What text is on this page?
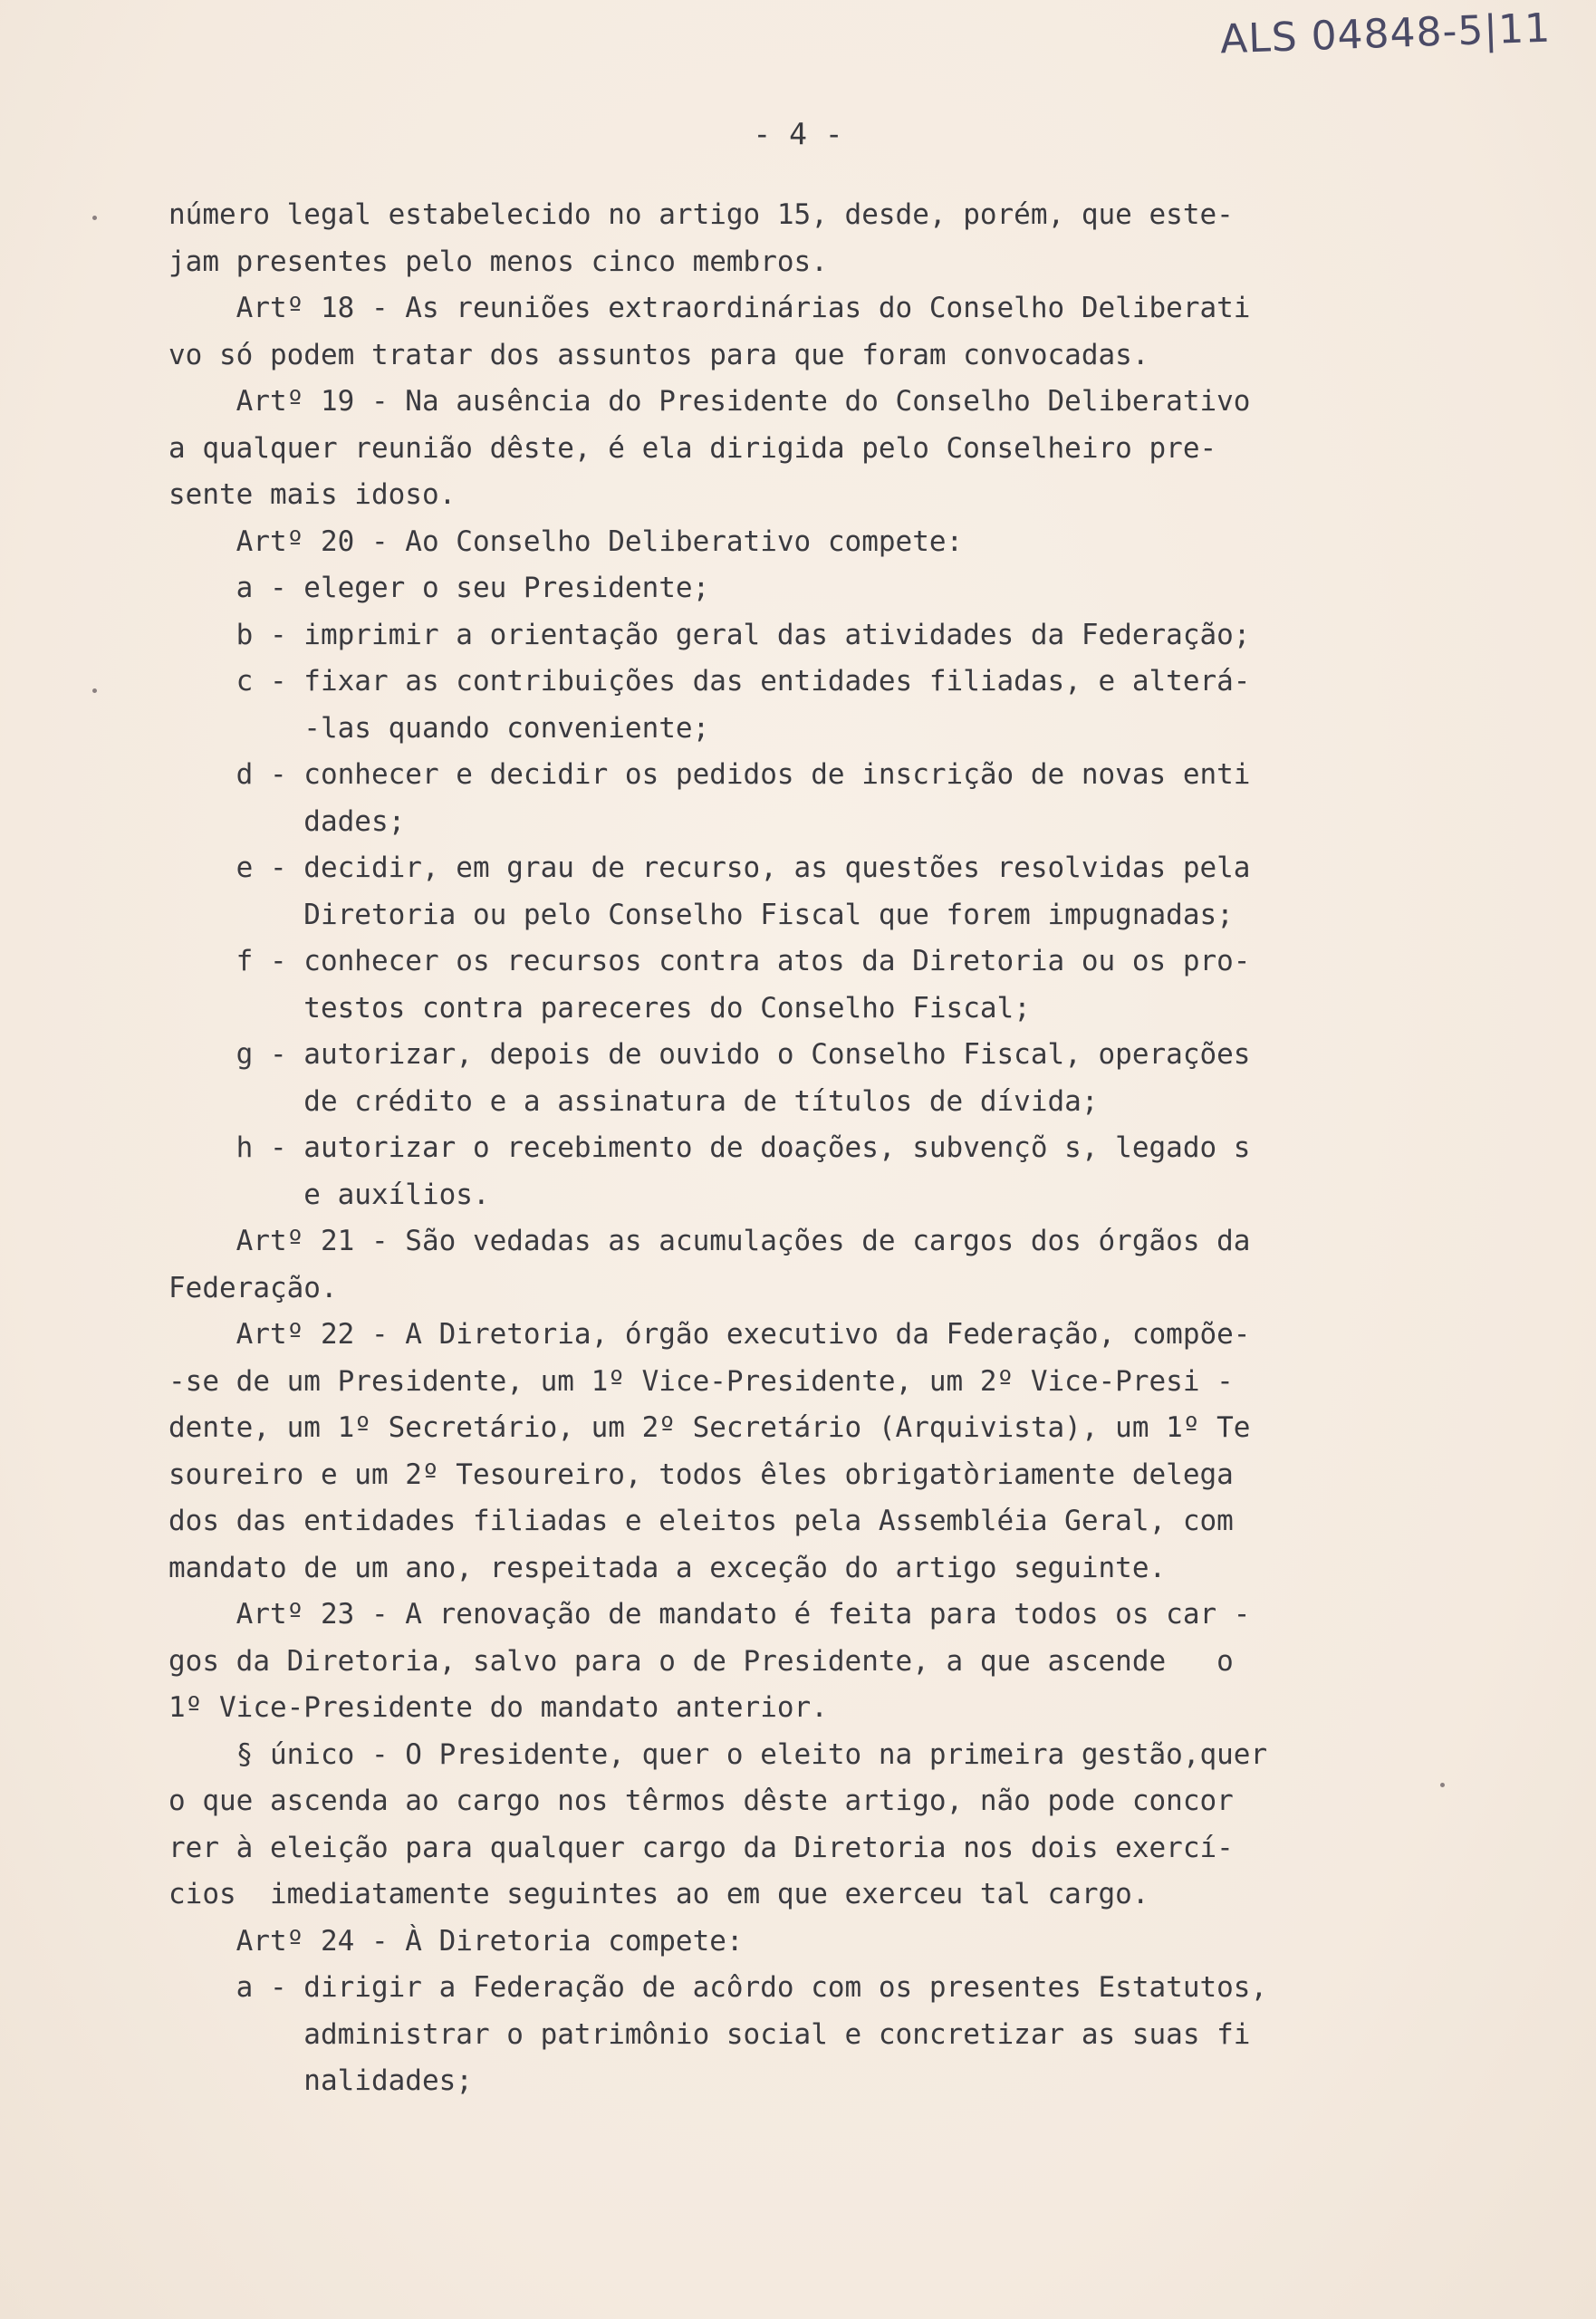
ALS 04848-5|11
- 4 -
número legal estabelecido no artigo 15, desde, porém, que este-
jam presentes pelo menos cinco membros.
Artº 18 - As reuniões extraordinárias do Conselho Deliberati
vo só podem tratar dos assuntos para que foram convocadas.
Artº 19 - Na ausência do Presidente do Conselho Deliberativo
a qualquer reunião dêste, é ela dirigida pelo Conselheiro pre-
sente mais idoso.
Artº 20 - Ao Conselho Deliberativo compete:
a - eleger o seu Presidente;
b - imprimir a orientação geral das atividades da Federação;
c - fixar as contribuições das entidades filiadas, e alterá-
-las quando conveniente;
d - conhecer e decidir os pedidos de inscrição de novas enti
dades;
e - decidir, em grau de recurso, as questões resolvidas pela
Diretoria ou pelo Conselho Fiscal que forem impugnadas;
f - conhecer os recursos contra atos da Diretoria ou os pro-
testos contra pareceres do Conselho Fiscal;
g - autorizar, depois de ouvido o Conselho Fiscal, operações
de crédito e a assinatura de títulos de dívida;
h - autorizar o recebimento de doações, subvençõ s, legado s
e auxílios.
Artº 21 - São vedadas as acumulações de cargos dos órgãos da
Federação.
Artº 22 - A Diretoria, órgão executivo da Federação, compõe-
-se de um Presidente, um 1º Vice-Presidente, um 2º Vice-Presi -
dente, um 1º Secretário, um 2º Secretário (Arquivista), um 1º Te
soureiro e um 2º Tesoureiro, todos êles obrigatòriamente delega
dos das entidades filiadas e eleitos pela Assembléia Geral, com
mandato de um ano, respeitada a exceção do artigo seguinte.
Artº 23 - A renovação de mandato é feita para todos os car -
gos da Diretoria, salvo para o de Presidente, a que ascende   o
1º Vice-Presidente do mandato anterior.
§ único - O Presidente, quer o eleito na primeira gestão,quer
o que ascenda ao cargo nos têrmos dêste artigo, não pode concor
rer à eleição para qualquer cargo da Diretoria nos dois exercí-
cios  imediatamente seguintes ao em que exerceu tal cargo.
Artº 24 - À Diretoria compete:
a - dirigir a Federação de acôrdo com os presentes Estatutos,
administrar o patrimônio social e concretizar as suas fi
nalidades;
